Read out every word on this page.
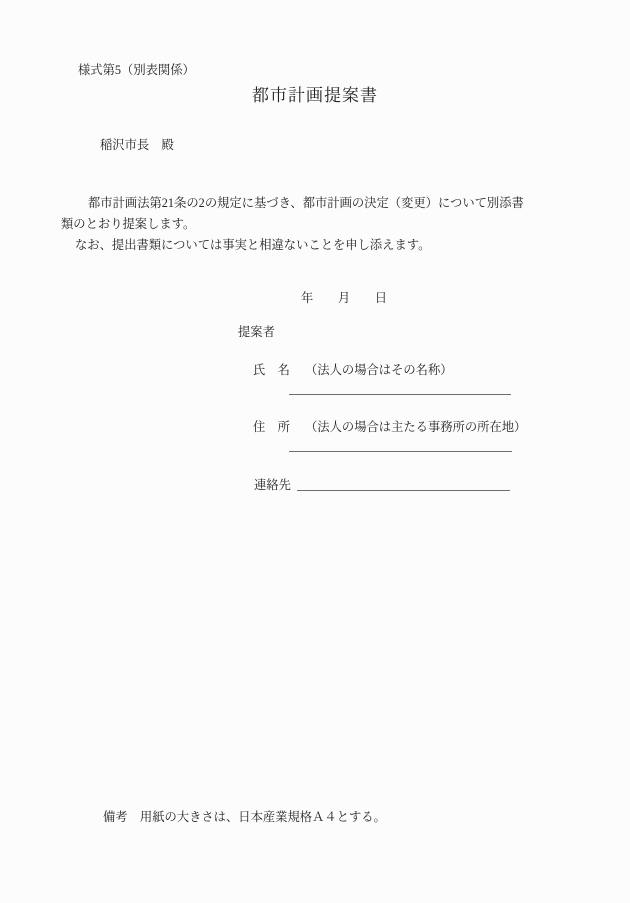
様式第5（別表関係）
都市計画提案書
稲沢市長　殿
都市計画法第21条の2の規定に基づき、都市計画の決定（変更）について別添書
類のとおり提案します。
なお、提出書類については事実と相違ないことを申し添えます。
年　　月　　日
提案者
氏　名 （法人の場合はその名称）
住　所 （法人の場合は主たる事務所の所在地）
連絡先
備考　用紙の大きさは、日本産業規格Ａ４とする。
